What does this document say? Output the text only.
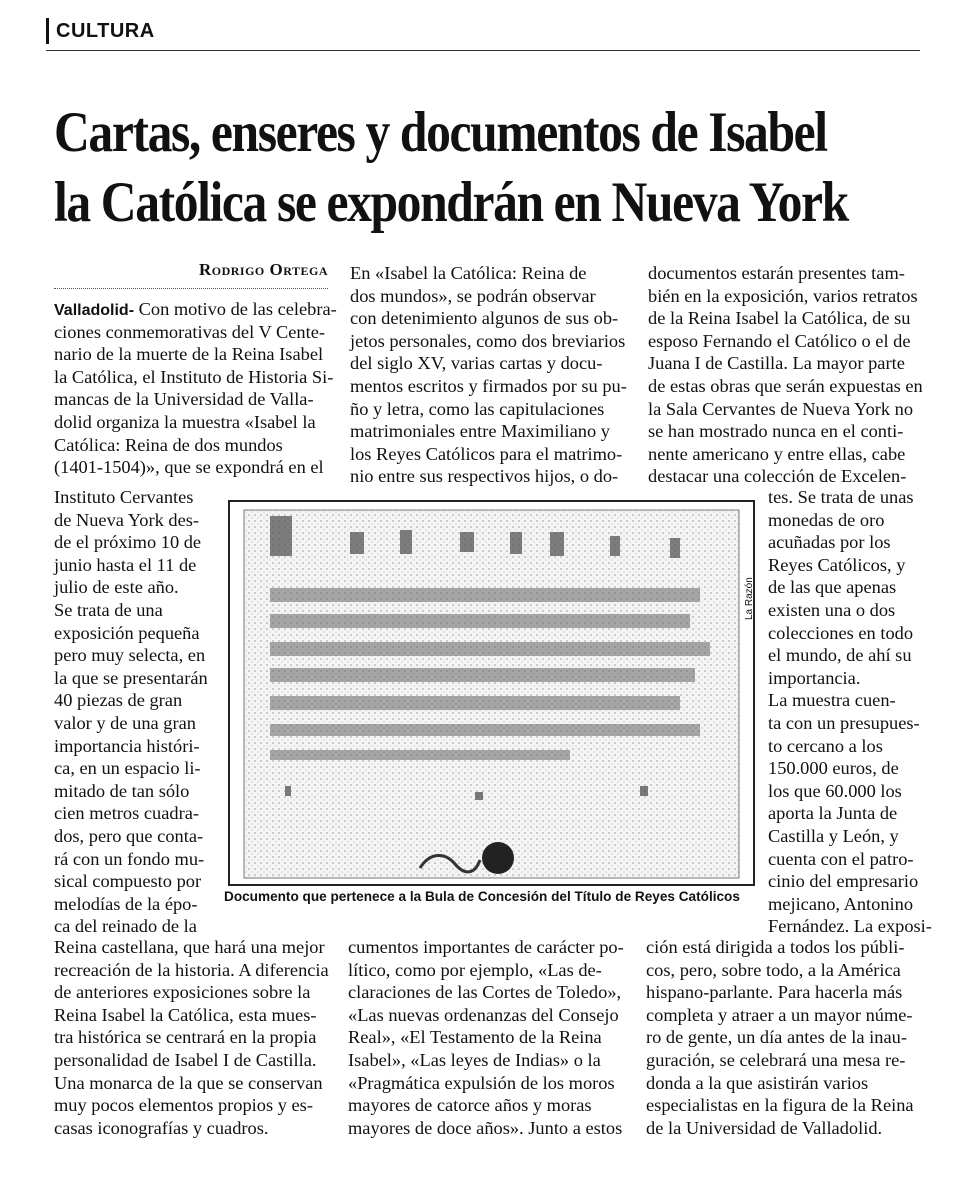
CULTURA
Cartas, enseres y documentos de Isabel
la Católica se expondrán en Nueva York
Rodrigo Ortega
Valladolid- Con motivo de las celebra-
ciones conmemorativas del V Cente-
nario de la muerte de la Reina Isabel
la Católica, el Instituto de Historia Si-
mancas de la Universidad de Valla-
dolid organiza la muestra «Isabel la
Católica: Reina de dos mundos
(1401-1504)», que se expondrá en el
Instituto Cervantes
de Nueva York des-
de el próximo 10 de
junio hasta el 11 de
julio de este año.
Se trata de una
exposición pequeña
pero muy selecta, en
la que se presentarán
40 piezas de gran
valor y de una gran
importancia históri-
ca, en un espacio li-
mitado de tan sólo
cien metros cuadra-
dos, pero que conta-
rá con un fondo mu-
sical compuesto por
melodías de la épo-
ca del reinado de la
Reina castellana, que hará una mejor
recreación de la historia. A diferencia
de anteriores exposiciones sobre la
Reina Isabel la Católica, esta mues-
tra histórica se centrará en la propia
personalidad de Isabel I de Castilla.
Una monarca de la que se conservan
muy pocos elementos propios y es-
casas iconografías y cuadros.
En «Isabel la Católica: Reina de
dos mundos», se podrán observar
con detenimiento algunos de sus ob-
jetos personales, como dos breviarios
del siglo XV, varias cartas y docu-
mentos escritos y firmados por su pu-
ño y letra, como las capitulaciones
matrimoniales entre Maximiliano y
los Reyes Católicos para el matrimo-
nio entre sus respectivos hijos, o do-
cumentos importantes de carácter po-
lítico, como por ejemplo, «Las de-
claraciones de las Cortes de Toledo»,
«Las nuevas ordenanzas del Consejo
Real», «El Testamento de la Reina
Isabel», «Las leyes de Indias» o la
«Pragmática expulsión de los moros
mayores de catorce años y moras
mayores de doce años». Junto a estos
documentos estarán presentes tam-
bién en la exposición, varios retratos
de la Reina Isabel la Católica, de su
esposo Fernando el Católico o el de
Juana I de Castilla. La mayor parte
de estas obras que serán expuestas en
la Sala Cervantes de Nueva York no
se han mostrado nunca en el conti-
nente americano y entre ellas, cabe
destacar una colección de Excelen-
tes. Se trata de unas
monedas de oro
acuñadas por los
Reyes Católicos, y
de las que apenas
existen una o dos
colecciones en todo
el mundo, de ahí su
importancia.
La muestra cuen-
ta con un presupues-
to cercano a los
150.000 euros, de
los que 60.000 los
aporta la Junta de
Castilla y León, y
cuenta con el patro-
cinio del empresario
mejicano, Antonino
Fernández. La exposi-
ción está dirigida a todos los públi-
cos, pero, sobre todo, a la América
hispano-parlante. Para hacerla más
completa y atraer a un mayor núme-
ro de gente, un día antes de la inau-
guración, se celebrará una mesa re-
donda a la que asistirán varios
especialistas en la figura de la Reina
de la Universidad de Valladolid.
La Razón
Documento que pertenece a la Bula de Concesión del Título de Reyes Católicos
